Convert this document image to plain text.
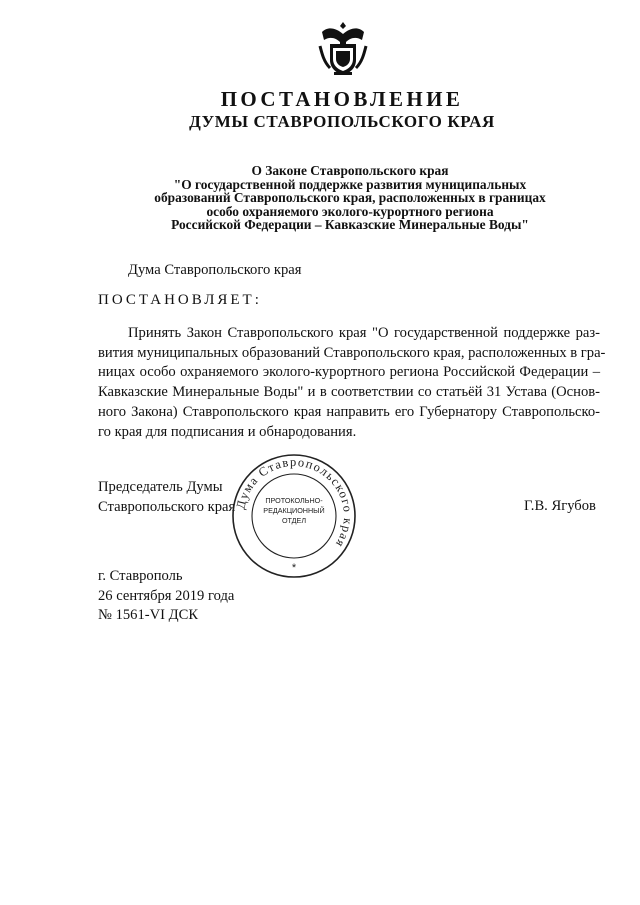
ПОСТАНОВЛЕНИЕ
ДУМЫ СТАВРОПОЛЬСКОГО КРАЯ
О Законе Ставропольского края
"О государственной поддержке развития муниципальных
образований Ставропольского края, расположенных в границах
особо охраняемого эколого-курортного региона
Российской Федерации – Кавказские Минеральные Воды"
Дума Ставропольского края
ПОСТАНОВЛЯЕТ:
Принять Закон Ставропольского края "О государственной поддержке раз-
вития муниципальных образований Ставропольского края, расположенных в гра-
ницах особо охраняемого эколого-курортного региона Российской Федерации –
Кавказские Минеральные Воды" и в соответствии со статьёй 31 Устава (Основ-
ного Закона) Ставропольского края направить его Губернатору Ставропольско-
го края для подписания и обнародования.
Председатель Думы
Ставропольского края
Дума Ставропольского края
ПРОТОКОЛЬНО-
РЕДАКЦИОННЫЙ
ОТДЕЛ
*
Г.В. Ягубов
г. Ставрополь
26 сентября 2019 года
№ 1561-VI ДСК
